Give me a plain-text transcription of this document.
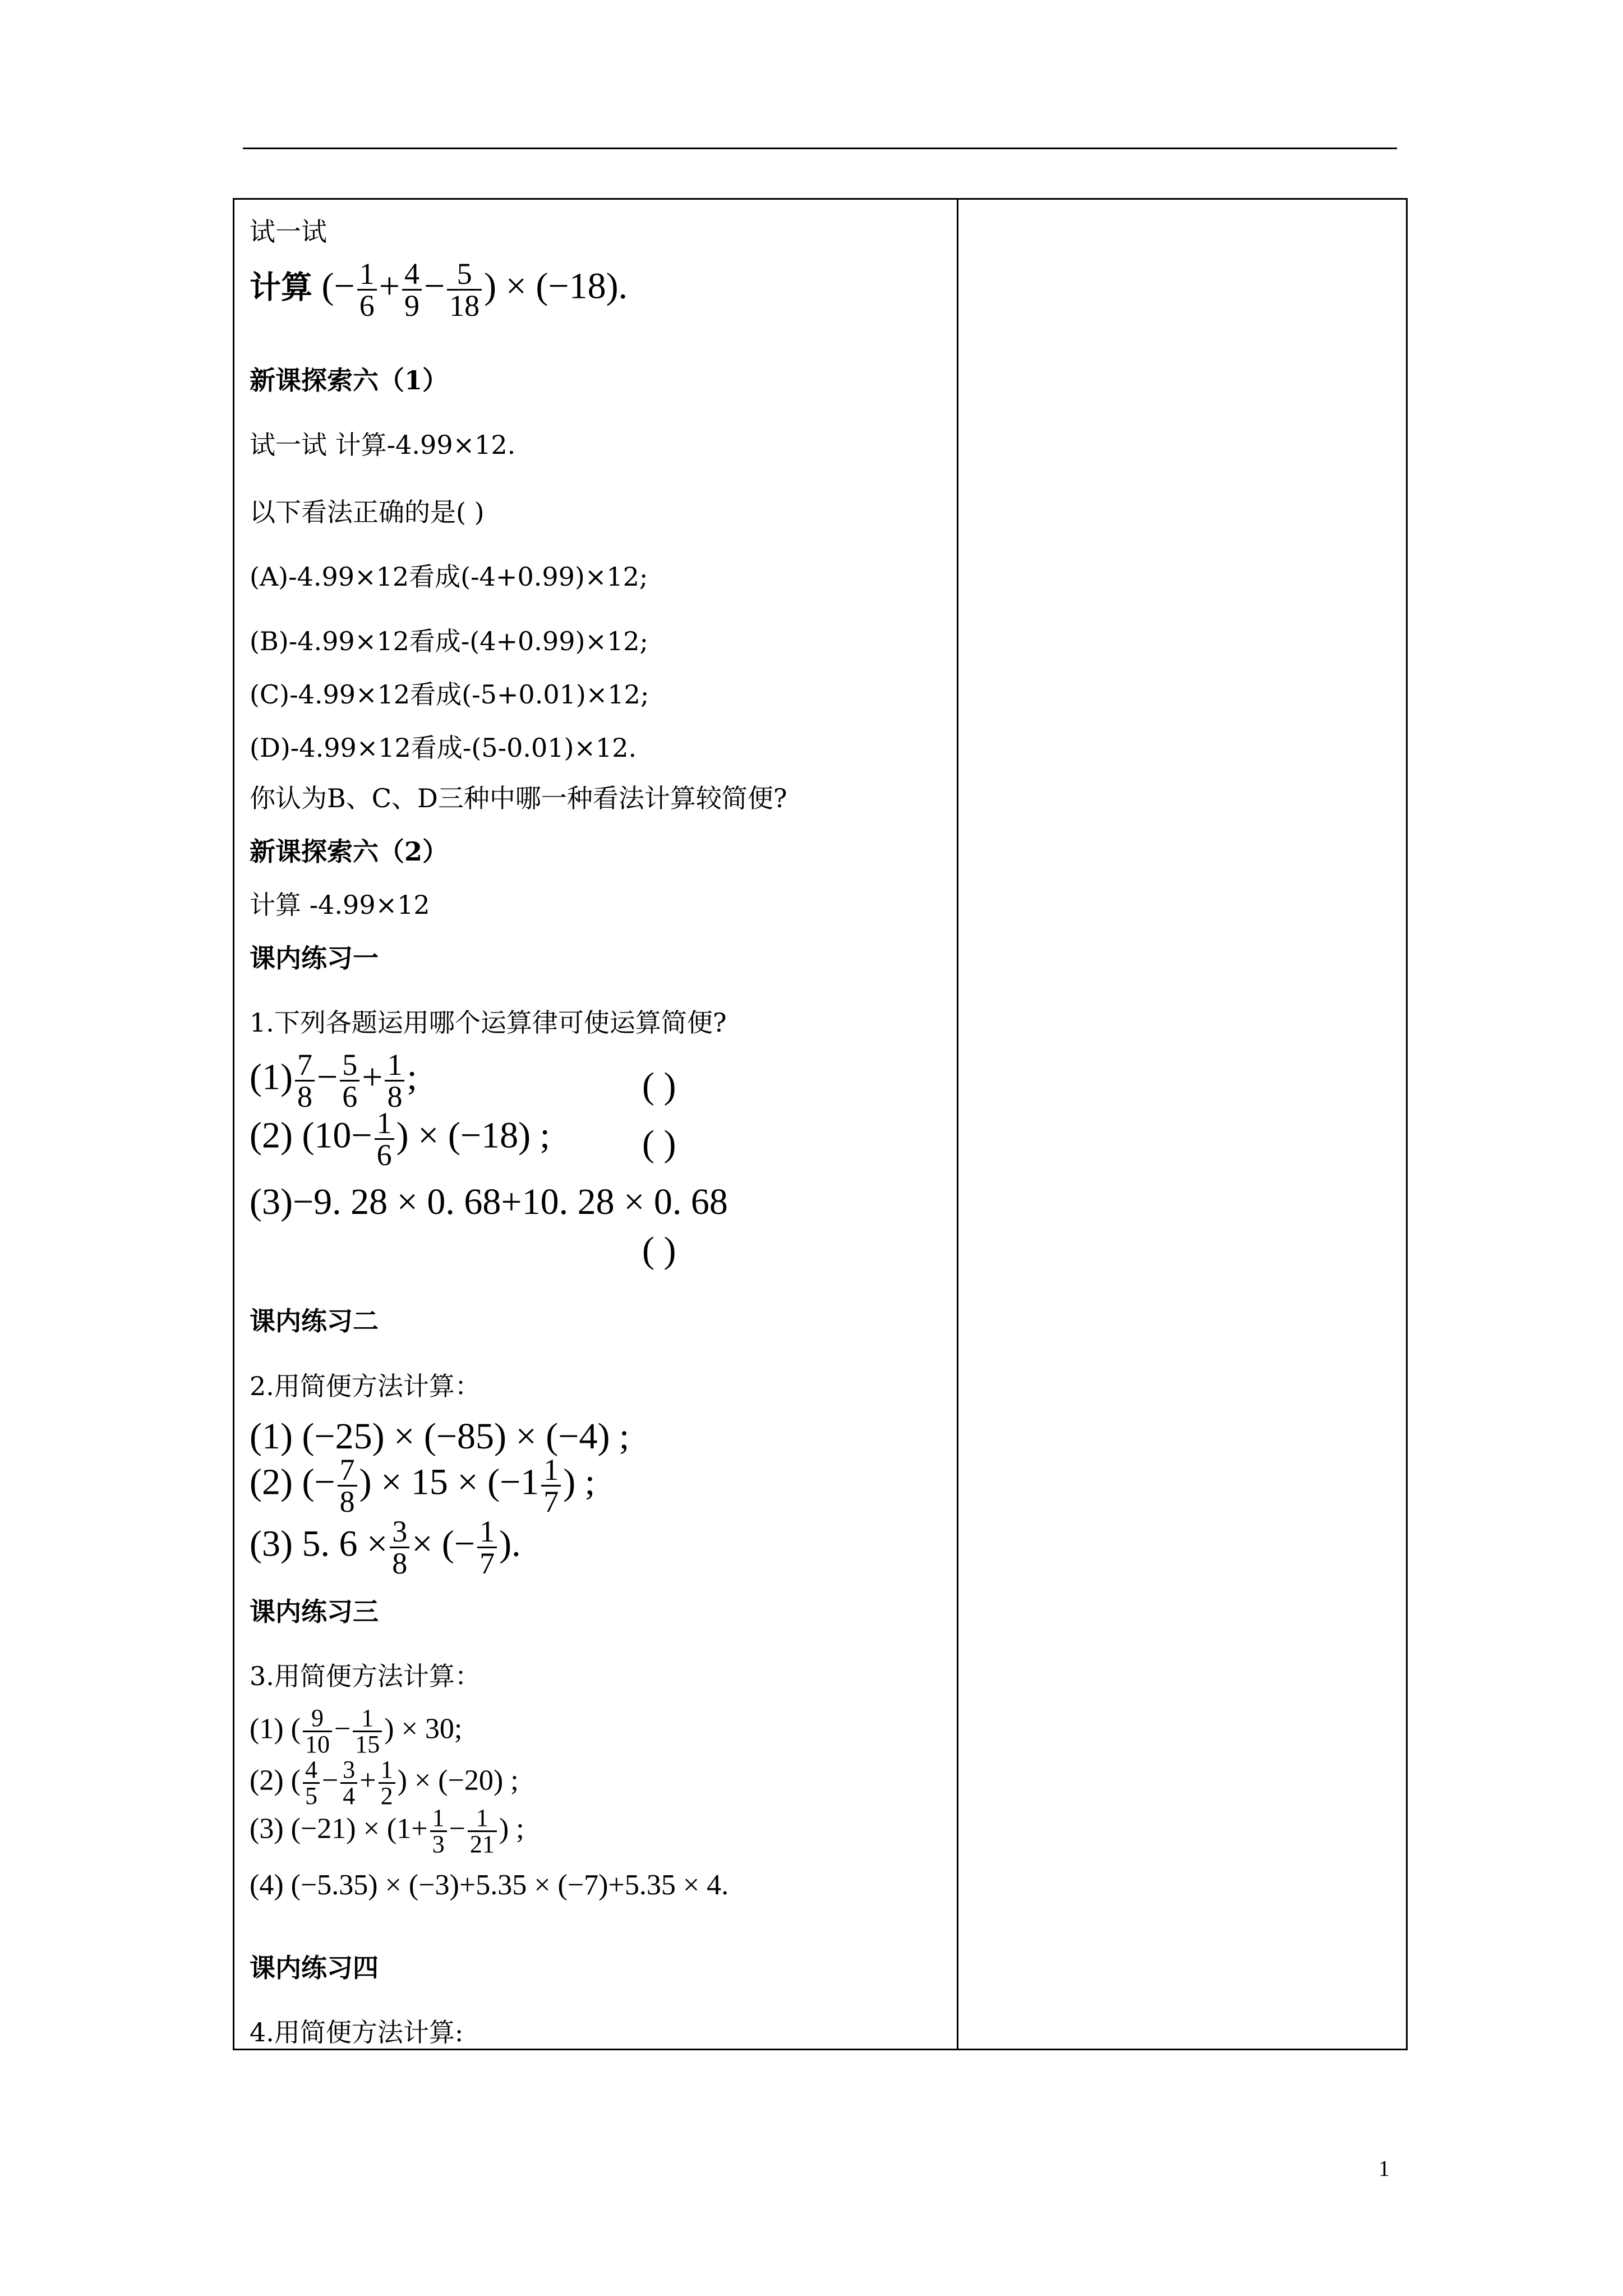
试一试
计算 (− $\frac{1}{6} + \frac{4}{9} - \frac{5}{18}$ ) × (−18).
新课探索六（1）
试一试 计算-4.99×12.
以下看法正确的是( )
(A)-4.99×12看成(-4+0.99)×12;
(B)-4.99×12看成-(4+0.99)×12;
(C)-4.99×12看成(-5+0.01)×12;
(D)-4.99×12看成-(5-0.01)×12.
你认为B、C、D三种中哪一种看法计算较简便?
新课探索六（2）
计算 -4.99×12
课内练习一
1.下列各题运用哪个运算律可使运算简便?
$(1) \frac{7}{8} - \frac{5}{6} + \frac{1}{8}$ ;	( )
(2) ($10- \frac{1}{6}$ ) × (−18) ; ( )
(3)−9. 28 × 0. 68+10. 28 × 0. 68
( )
课内练习二
2.用简便方法计算：
(1) (−25) × (−85) × (−4) ;
(2) (− $\frac{7}{8}$ ) × $15 \times (-1 \frac{1}{7}$ ) ;
(3) 5. $6 \times \frac{3}{8}$ × (− $\frac{1}{7}$ ).
课内练习三
3.用简便方法计算：
(1) ( $\frac{9}{10} - \frac{1}{15}$ ) × 30;
(2) ( $\frac{4}{5} - \frac{3}{4} + \frac{1}{2}$ ) × (−20) ;
(3) $(-21) \times (1+ \frac{1}{3} - \frac{1}{21}$ ) ;
(4) (−5.35) × (−3)+5.35 × (−7)+5.35 × 4.
课内练习四
4.用简便方法计算:
1
